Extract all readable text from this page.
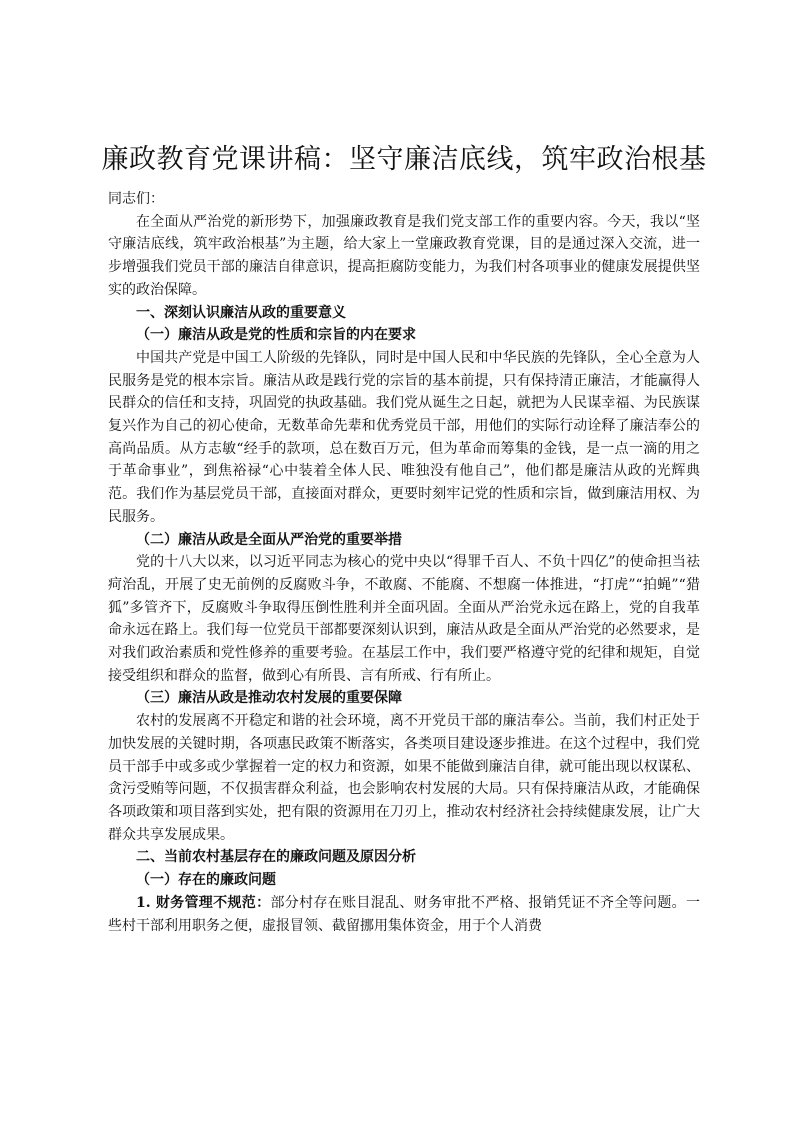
廉政教育党课讲稿：坚守廉洁底线，筑牢政治根基

同志们：

在全面从严治党的新形势下，加强廉政教育是我们党支部工作的重要内容。今天，我以“坚守廉洁底线，筑牢政治根基”为主题，给大家上一堂廉政教育党课，目的是通过深入交流，进一步增强我们党员干部的廉洁自律意识，提高拒腐防变能力，为我们村各项事业的健康发展提供坚实的政治保障。

一、深刻认识廉洁从政的重要意义

（一）廉洁从政是党的性质和宗旨的内在要求

中国共产党是中国工人阶级的先锋队，同时是中国人民和中华民族的先锋队，全心全意为人民服务是党的根本宗旨。廉洁从政是践行党的宗旨的基本前提，只有保持清正廉洁，才能赢得人民群众的信任和支持，巩固党的执政基础。我们党从诞生之日起，就把为人民谋幸福、为民族谋复兴作为自己的初心使命，无数革命先辈和优秀党员干部，用他们的实际行动诠释了廉洁奉公的高尚品质。从方志敏“经手的款项，总在数百万元，但为革命而筹集的金钱，是一点一滴的用之于革命事业”，到焦裕禄“心中装着全体人民、唯独没有他自己”，他们都是廉洁从政的光辉典范。我们作为基层党员干部，直接面对群众，更要时刻牢记党的性质和宗旨，做到廉洁用权、为民服务。

（二）廉洁从政是全面从严治党的重要举措

党的十八大以来，以习近平同志为核心的党中央以“得罪千百人、不负十四亿”的使命担当祛疴治乱，开展了史无前例的反腐败斗争，不敢腐、不能腐、不想腐一体推进，“打虎”“拍蝇”“猎狐”多管齐下，反腐败斗争取得压倒性胜利并全面巩固。全面从严治党永远在路上，党的自我革命永远在路上。我们每一位党员干部都要深刻认识到，廉洁从政是全面从严治党的必然要求，是对我们政治素质和党性修养的重要考验。在基层工作中，我们要严格遵守党的纪律和规矩，自觉接受组织和群众的监督，做到心有所畏、言有所戒、行有所止。

（三）廉洁从政是推动农村发展的重要保障

农村的发展离不开稳定和谐的社会环境，离不开党员干部的廉洁奉公。当前，我们村正处于加快发展的关键时期，各项惠民政策不断落实，各类项目建设逐步推进。在这个过程中，我们党员干部手中或多或少掌握着一定的权力和资源，如果不能做到廉洁自律，就可能出现以权谋私、贪污受贿等问题，不仅损害群众利益，也会影响农村发展的大局。只有保持廉洁从政，才能确保各项政策和项目落到实处，把有限的资源用在刀刃上，推动农村经济社会持续健康发展，让广大群众共享发展成果。

二、当前农村基层存在的廉政问题及原因分析

（一）存在的廉政问题

1. 财务管理不规范：部分村存在账目混乱、财务审批不严格、报销凭证不齐全等问题。一些村干部利用职务之便，虚报冒领、截留挪用集体资金，用于个人消费
